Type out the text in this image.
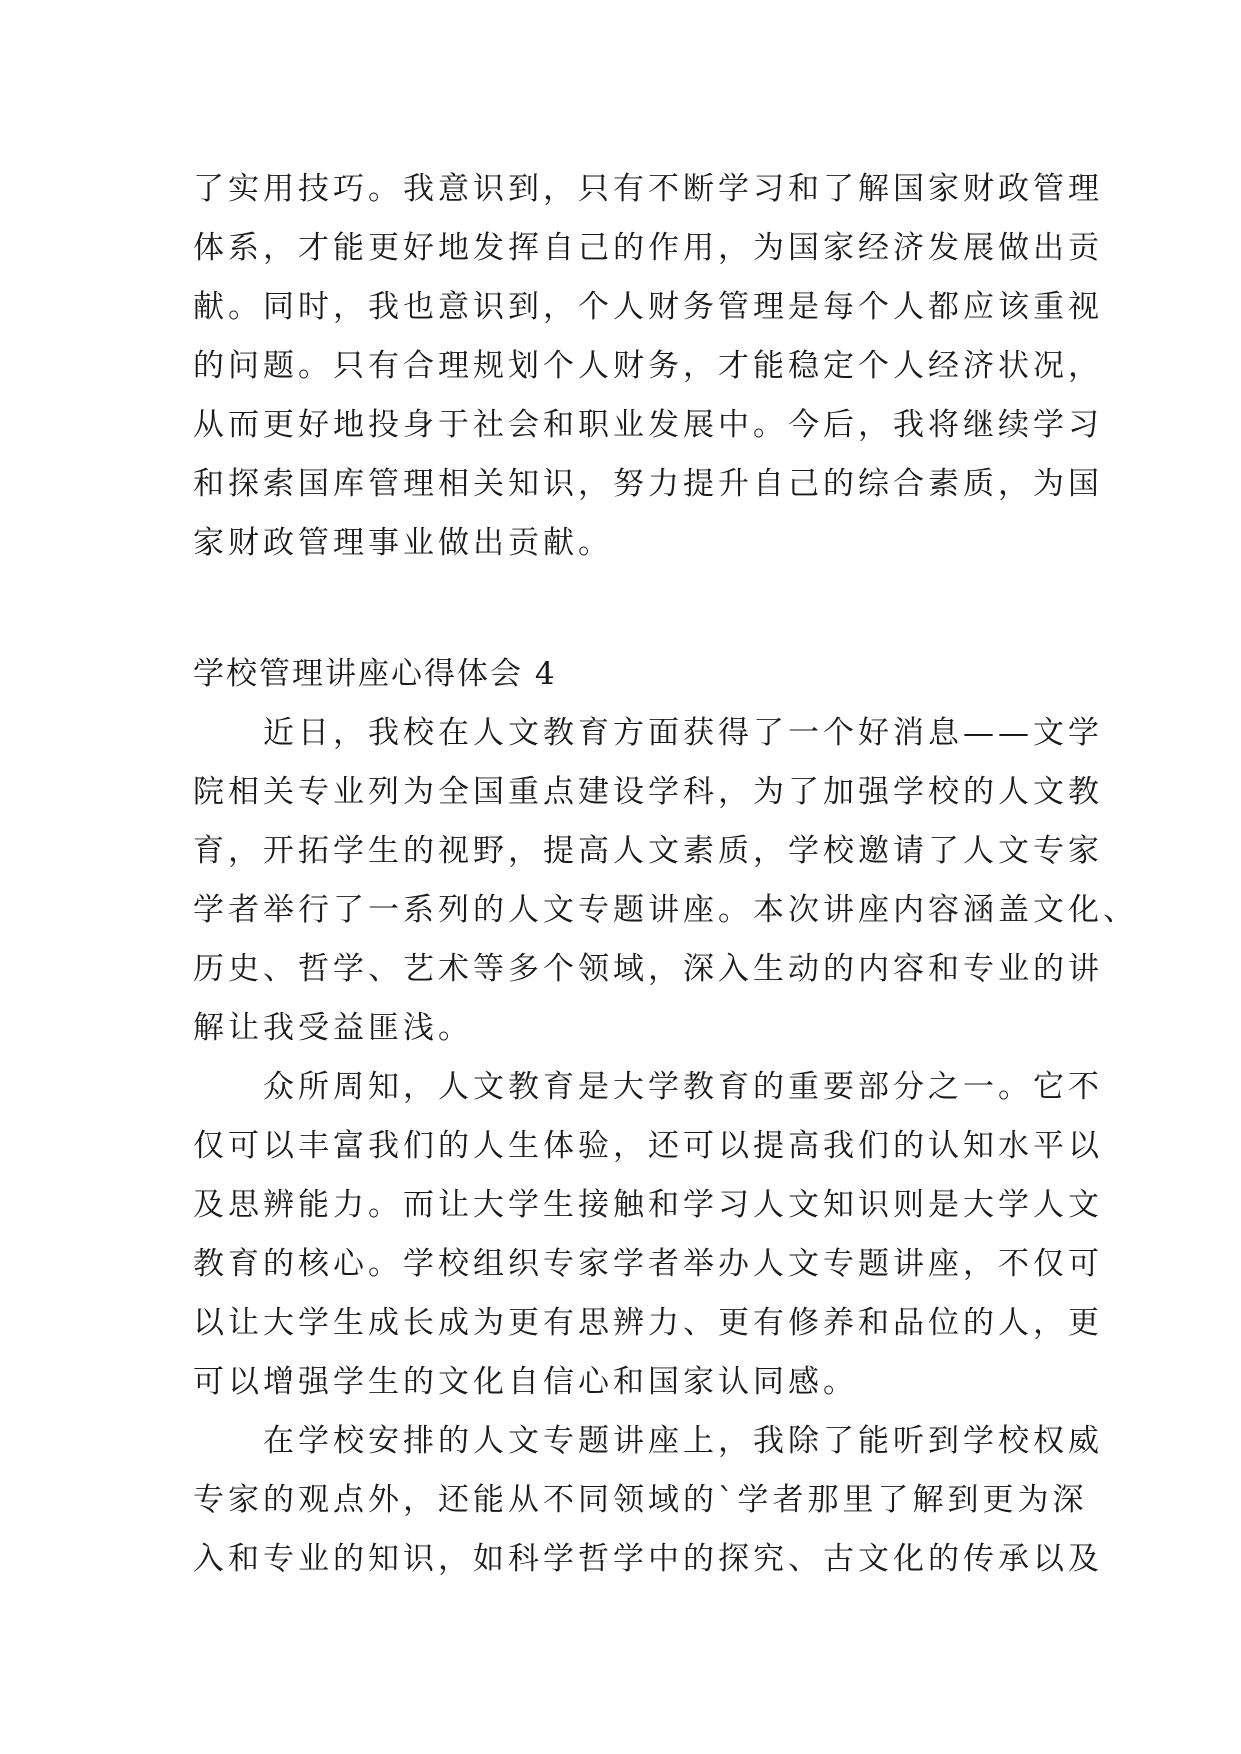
了实用技巧。我意识到，只有不断学习和了解国家财政管理
体系，才能更好地发挥自己的作用，为国家经济发展做出贡
献。同时，我也意识到，个人财务管理是每个人都应该重视
的问题。只有合理规划个人财务，才能稳定个人经济状况，
从而更好地投身于社会和职业发展中。今后，我将继续学习
和探索国库管理相关知识，努力提升自己的综合素质，为国
家财政管理事业做出贡献。
学校管理讲座心得体会 4
　　近日，我校在人文教育方面获得了一个好消息——文学
院相关专业列为全国重点建设学科，为了加强学校的人文教
育，开拓学生的视野，提高人文素质，学校邀请了人文专家
学者举行了一系列的人文专题讲座。本次讲座内容涵盖文化、
历史、哲学、艺术等多个领域，深入生动的内容和专业的讲
解让我受益匪浅。
　　众所周知，人文教育是大学教育的重要部分之一。它不
仅可以丰富我们的人生体验，还可以提高我们的认知水平以
及思辨能力。而让大学生接触和学习人文知识则是大学人文
教育的核心。学校组织专家学者举办人文专题讲座，不仅可
以让大学生成长成为更有思辨力、更有修养和品位的人，更
可以增强学生的文化自信心和国家认同感。
　　在学校安排的人文专题讲座上，我除了能听到学校权威
专家的观点外，还能从不同领域的`学者那里了解到更为深
入和专业的知识，如科学哲学中的探究、古文化的传承以及
